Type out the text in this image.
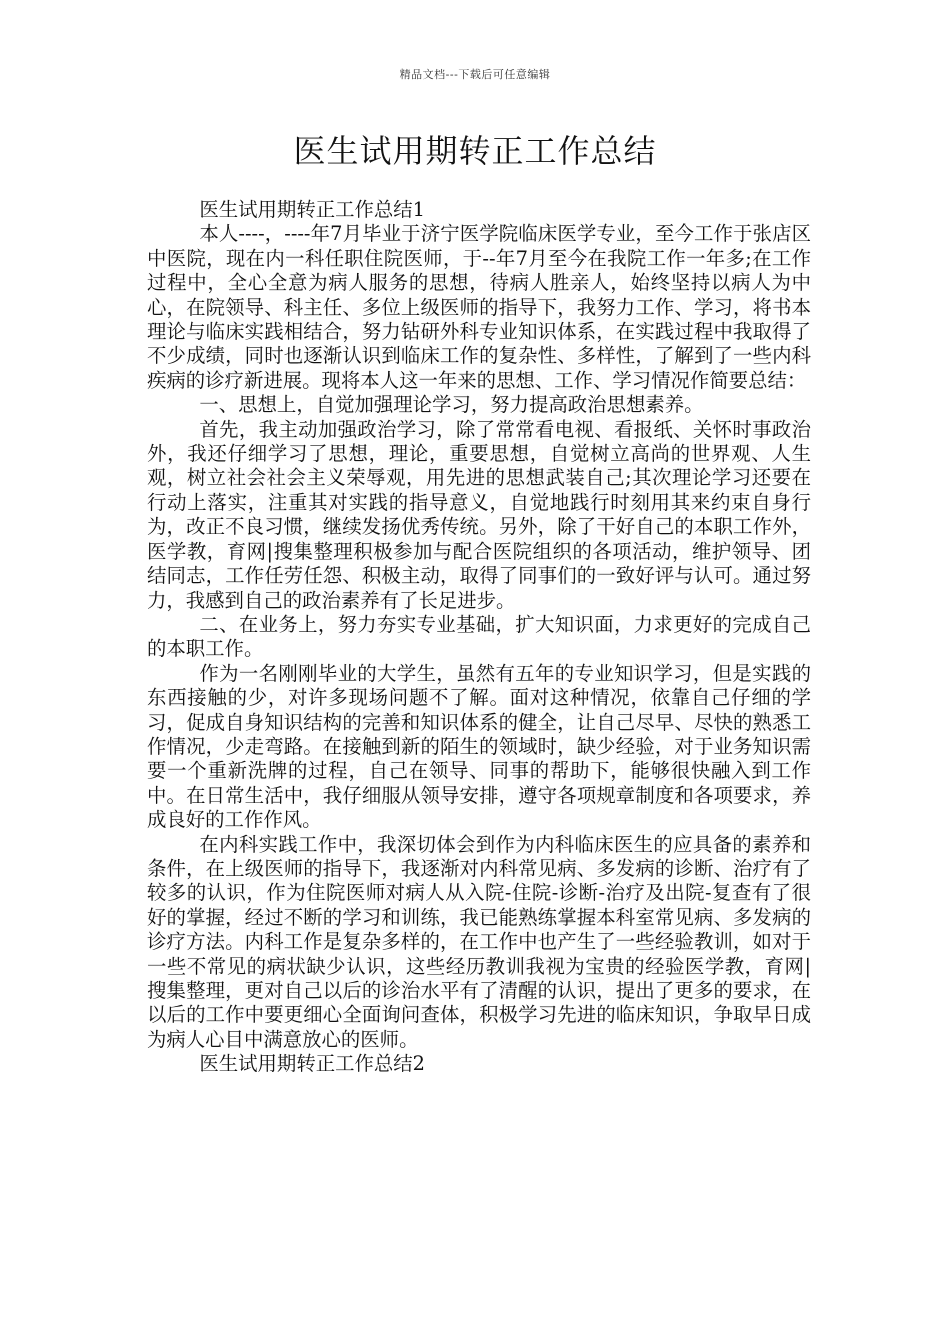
精品文档---下载后可任意编辑
医生试用期转正工作总结

医生试用期转正工作总结1

本人----，----年7月毕业于济宁医学院临床医学专业，至今工作于张店区中医院，现在内一科任职住院医师，于--年7月至今在我院工作一年多;在工作过程中，全心全意为病人服务的思想，待病人胜亲人，始终坚持以病人为中心，在院领导、科主任、多位上级医师的指导下，我努力工作、学习，将书本理论与临床实践相结合，努力钻研外科专业知识体系，在实践过程中我取得了不少成绩，同时也逐渐认识到临床工作的复杂性、多样性，了解到了一些内科疾病的诊疗新进展。现将本人这一年来的思想、工作、学习情况作简要总结：

一、思想上，自觉加强理论学习，努力提高政治思想素养。

首先，我主动加强政治学习，除了常常看电视、看报纸、关怀时事政治外，我还仔细学习了思想，理论，重要思想，自觉树立高尚的世界观、人生观，树立社会社会主义荣辱观，用先进的思想武装自己;其次理论学习还要在行动上落实，注重其对实践的指导意义，自觉地践行时刻用其来约束自身行为，改正不良习惯，继续发扬优秀传统。另外，除了干好自己的本职工作外，医学教，育网|搜集整理积极参加与配合医院组织的各项活动，维护领导、团结同志，工作任劳任怨、积极主动，取得了同事们的一致好评与认可。通过努力，我感到自己的政治素养有了长足进步。

二、在业务上，努力夯实专业基础，扩大知识面，力求更好的完成自己的本职工作。

作为一名刚刚毕业的大学生，虽然有五年的专业知识学习，但是实践的东西接触的少，对许多现场问题不了解。面对这种情况，依靠自己仔细的学习，促成自身知识结构的完善和知识体系的健全，让自己尽早、尽快的熟悉工作情况，少走弯路。在接触到新的陌生的领域时，缺少经验，对于业务知识需要一个重新洗牌的过程，自己在领导、同事的帮助下，能够很快融入到工作中。在日常生活中，我仔细服从领导安排，遵守各项规章制度和各项要求，养成良好的工作作风。

在内科实践工作中，我深切体会到作为内科临床医生的应具备的素养和条件，在上级医师的指导下，我逐渐对内科常见病、多发病的诊断、治疗有了较多的认识，作为住院医师对病人从入院-住院-诊断-治疗及出院-复查有了很好的掌握，经过不断的学习和训练，我已能熟练掌握本科室常见病、多发病的诊疗方法。内科工作是复杂多样的，在工作中也产生了一些经验教训，如对于一些不常见的病状缺少认识，这些经历教训我视为宝贵的经验医学教，育网|搜集整理，更对自己以后的诊治水平有了清醒的认识，提出了更多的要求，在以后的工作中要更细心全面询问查体，积极学习先进的临床知识，争取早日成为病人心目中满意放心的医师。

医生试用期转正工作总结2
